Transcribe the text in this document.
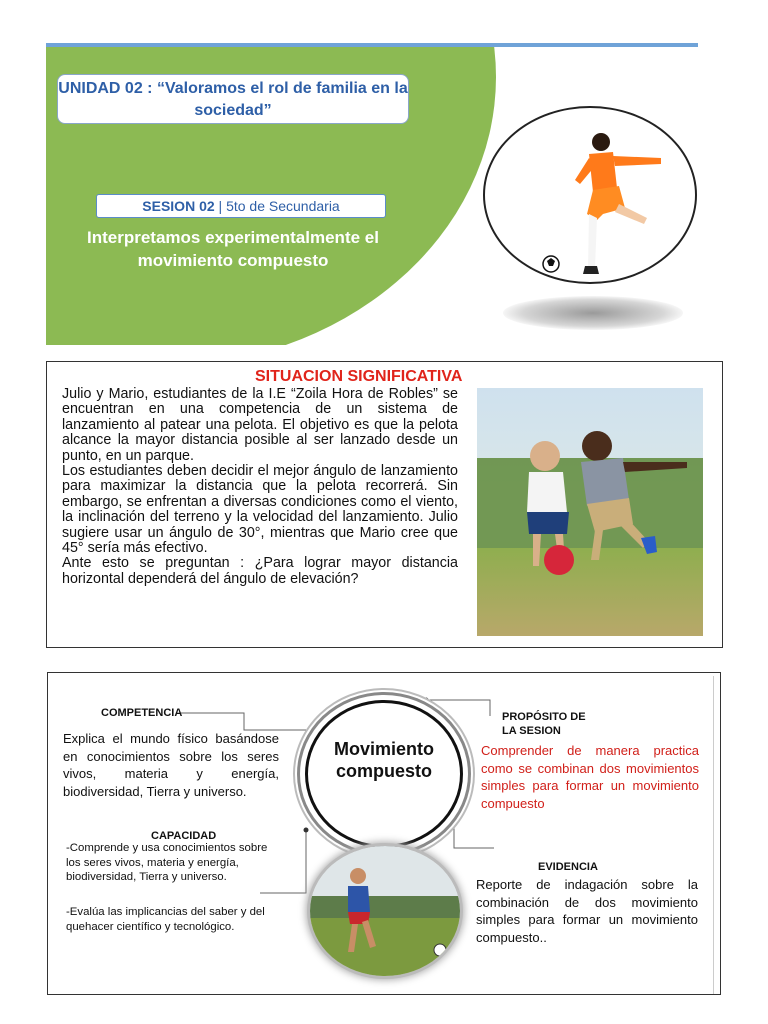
UNIDAD 02 : “Valoramos el rol de familia en la sociedad”
SESION 02 | 5to de Secundaria
Interpretamos experimentalmente el movimiento compuesto
SITUACION SIGNIFICATIVA

Julio y Mario, estudiantes de la I.E “Zoila Hora de Robles” se encuentran en una competencia de un sistema de lanzamiento al patear una pelota. El objetivo es que la pelota alcance la mayor distancia posible al ser lanzado desde un punto, en un parque.

Los estudiantes deben decidir el mejor ángulo de lanzamiento para maximizar la distancia que la pelota recorrerá. Sin embargo, se enfrentan a diversas condiciones como el viento, la inclinación del terreno y la velocidad del lanzamiento. Julio sugiere usar un ángulo de 30°, mientras que Mario cree que 45° sería más efectivo.

Ante esto se preguntan : ¿Para lograr mayor distancia horizontal dependerá del ángulo de elevación?

COMPETENCIA
Explica el mundo físico basándose en conocimientos sobre los seres vivos, materia y energía, biodiversidad, Tierra y universo.
CAPACIDAD
-Comprende y usa conocimientos sobre los seres vivos, materia y energía, biodiversidad, Tierra y universo.
-Evalúa las implicancias del saber y del quehacer científico y tecnológico.
Movimiento compuesto
PROPÓSITO DE
LA SESION
Comprender de manera practica como se combinan dos movimientos simples para formar un movimiento compuesto
EVIDENCIA
Reporte de indagación sobre la combinación de dos movimiento simples para formar un movimiento compuesto..
